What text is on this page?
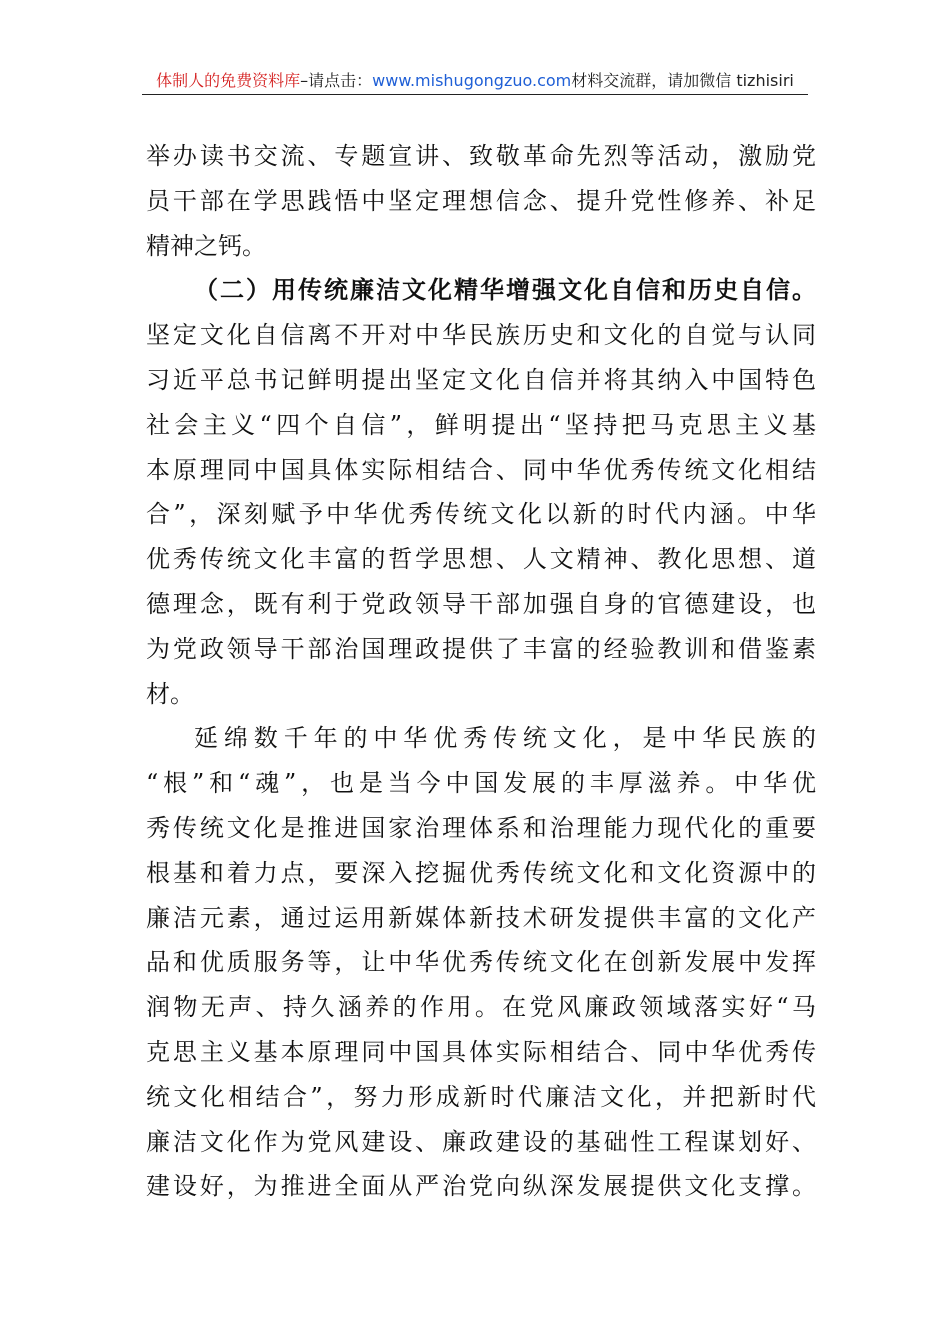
体制人的免费资料库–请点击：www.mishugongzuo.com材料交流群，请加微信 tizhisiri
举办读书交流、专题宣讲、致敬革命先烈等活动，激励党
员干部在学思践悟中坚定理想信念、提升党性修养、补足
精神之钙。
（二）用传统廉洁文化精华增强文化自信和历史自信。
坚定文化自信离不开对中华民族历史和文化的自觉与认同
习近平总书记鲜明提出坚定文化自信并将其纳入中国特色
社会主义“四个自信”，鲜明提出“坚持把马克思主义基
本原理同中国具体实际相结合、同中华优秀传统文化相结
合”，深刻赋予中华优秀传统文化以新的时代内涵。中华
优秀传统文化丰富的哲学思想、人文精神、教化思想、道
德理念，既有利于党政领导干部加强自身的官德建设，也
为党政领导干部治国理政提供了丰富的经验教训和借鉴素
材。
延绵数千年的中华优秀传统文化，是中华民族的
“根”和“魂”，也是当今中国发展的丰厚滋养。中华优
秀传统文化是推进国家治理体系和治理能力现代化的重要
根基和着力点，要深入挖掘优秀传统文化和文化资源中的
廉洁元素，通过运用新媒体新技术研发提供丰富的文化产
品和优质服务等，让中华优秀传统文化在创新发展中发挥
润物无声、持久涵养的作用。在党风廉政领域落实好“马
克思主义基本原理同中国具体实际相结合、同中华优秀传
统文化相结合”，努力形成新时代廉洁文化，并把新时代
廉洁文化作为党风建设、廉政建设的基础性工程谋划好、
建设好，为推进全面从严治党向纵深发展提供文化支撑。
